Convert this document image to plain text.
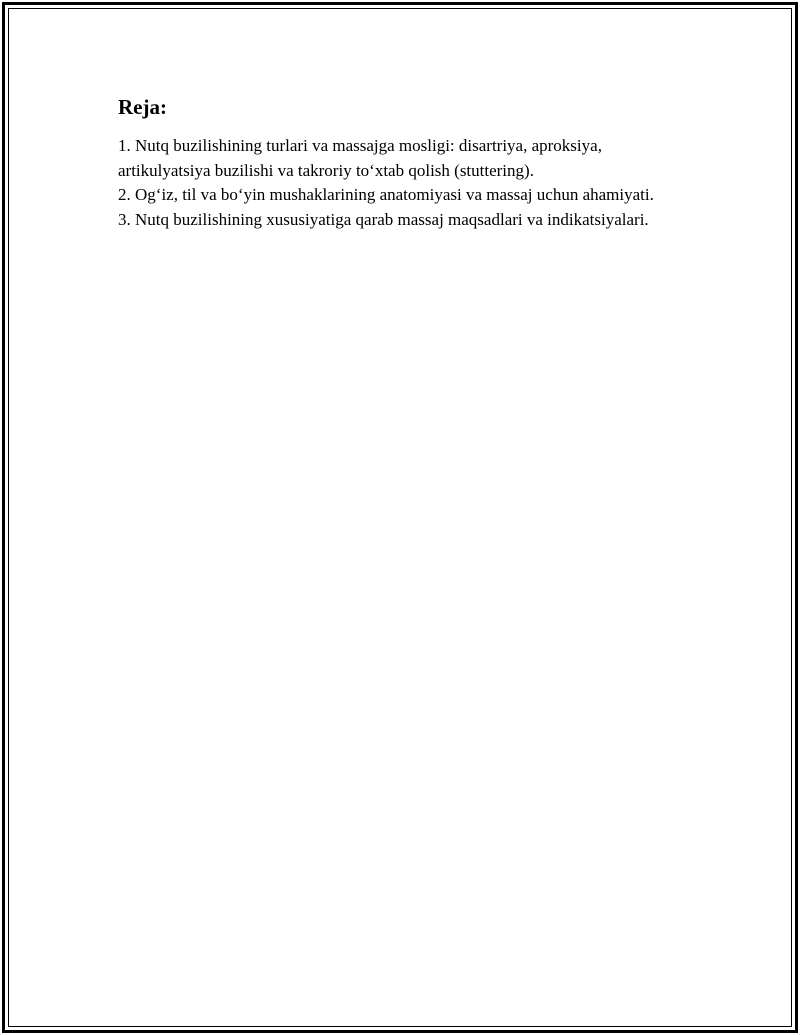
Reja:
1. Nutq buzilishining turlari va massajga mosligi: disartriya, aproksiya, artikulyatsiya buzilishi va takroriy to‘xtab qolish (stuttering).
2. Og‘iz, til va bo‘yin mushaklarining anatomiyasi va massaj uchun ahamiyati.
3. Nutq buzilishining xususiyatiga qarab massaj maqsadlari va indikatsiyalari.
